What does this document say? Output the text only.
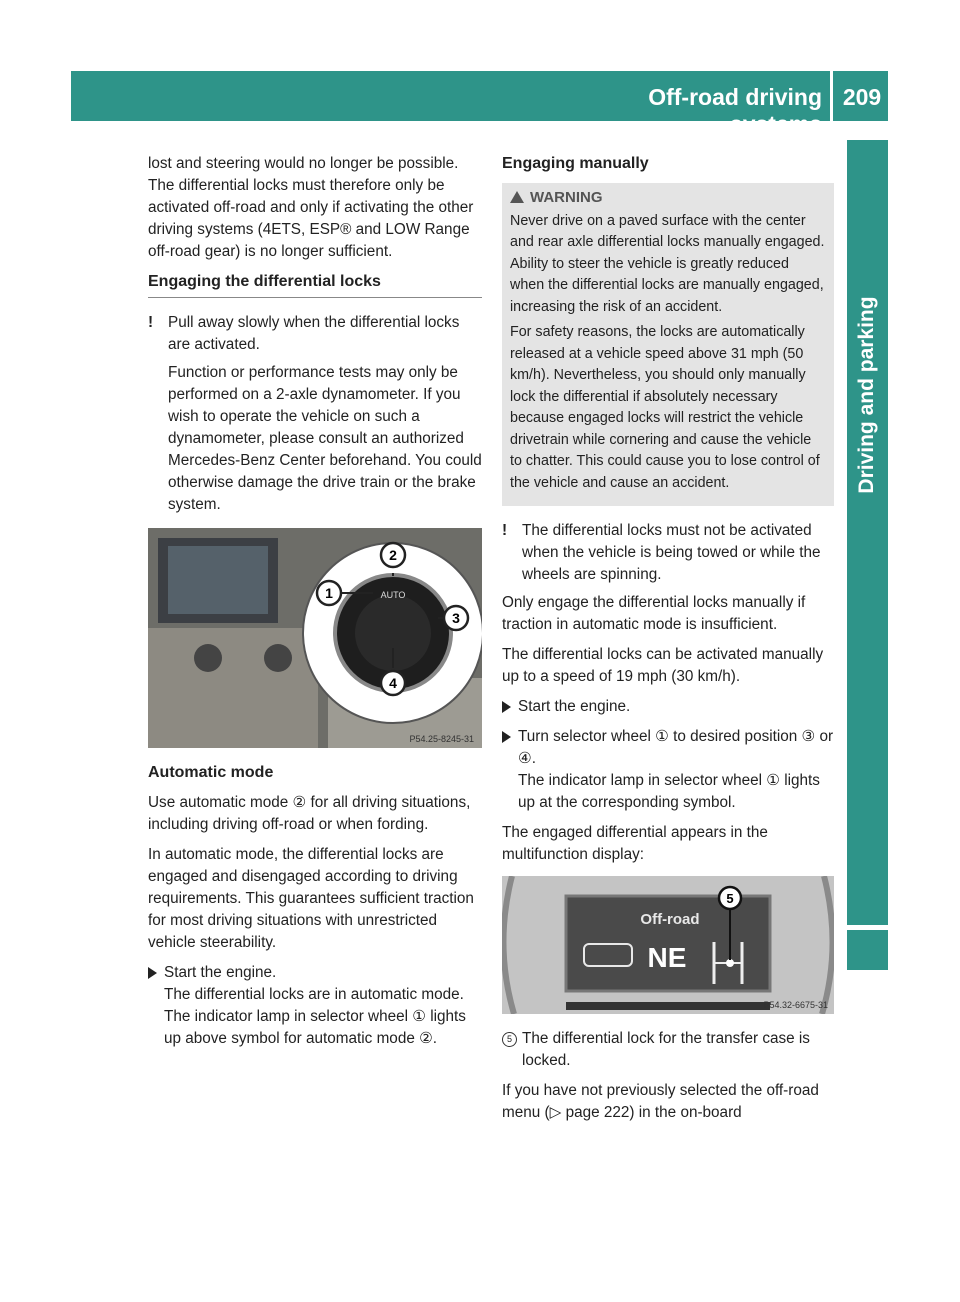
Off-road driving systems
209
Driving and parking

lost and steering would no longer be possible. The differential locks must therefore only be activated off-road and only if activating the other driving systems (4ETS, ESP® and LOW Range off-road gear) is no longer sufficient.

Engaging the differential locks
! Pull away slowly when the differential locks are activated.

Function or performance tests may only be performed on a 2-axle dynamometer. If you wish to operate the vehicle on such a dynamometer, please consult an authorized Mercedes-Benz Center beforehand. You could otherwise damage the drive train or the brake system.

AUTO
1
2
3
4
P54.25-8245-31

Automatic mode

Use automatic mode ② for all driving situations, including driving off-road or when fording.

In automatic mode, the differential locks are engaged and disengaged according to driving requirements. This guarantees sufficient traction for most driving situations with unrestricted vehicle steerability.

Start the engine.
The differential locks are in automatic mode. The indicator lamp in selector wheel ① lights up above symbol for automatic mode ②.

Engaging manually

WARNING

Never drive on a paved surface with the center and rear axle differential locks manually engaged. Ability to steer the vehicle is greatly reduced when the differential locks are manually engaged, increasing the risk of an accident.

For safety reasons, the locks are automatically released at a vehicle speed above 31 mph (50 km/h). Nevertheless, you should only manually lock the differential if absolutely necessary because engaged locks will restrict the vehicle drivetrain while cornering and cause the vehicle to chatter. This could cause you to lose control of the vehicle and cause an accident.

! The differential locks must not be activated when the vehicle is being towed or while the wheels are spinning.

Only engage the differential locks manually if traction in automatic mode is insufficient.

The differential locks can be activated manually up to a speed of 19 mph (30 km/h).

Start the engine.

Turn selector wheel ① to desired position ③ or ④.

The indicator lamp in selector wheel ① lights up at the corresponding symbol.

The engaged differential appears in the multifunction display:

Off-road
NE
5
P54.32-6675-31
5 The differential lock for the transfer case is locked.

If you have not previously selected the off-road menu (▷ page 222) in the on-board
